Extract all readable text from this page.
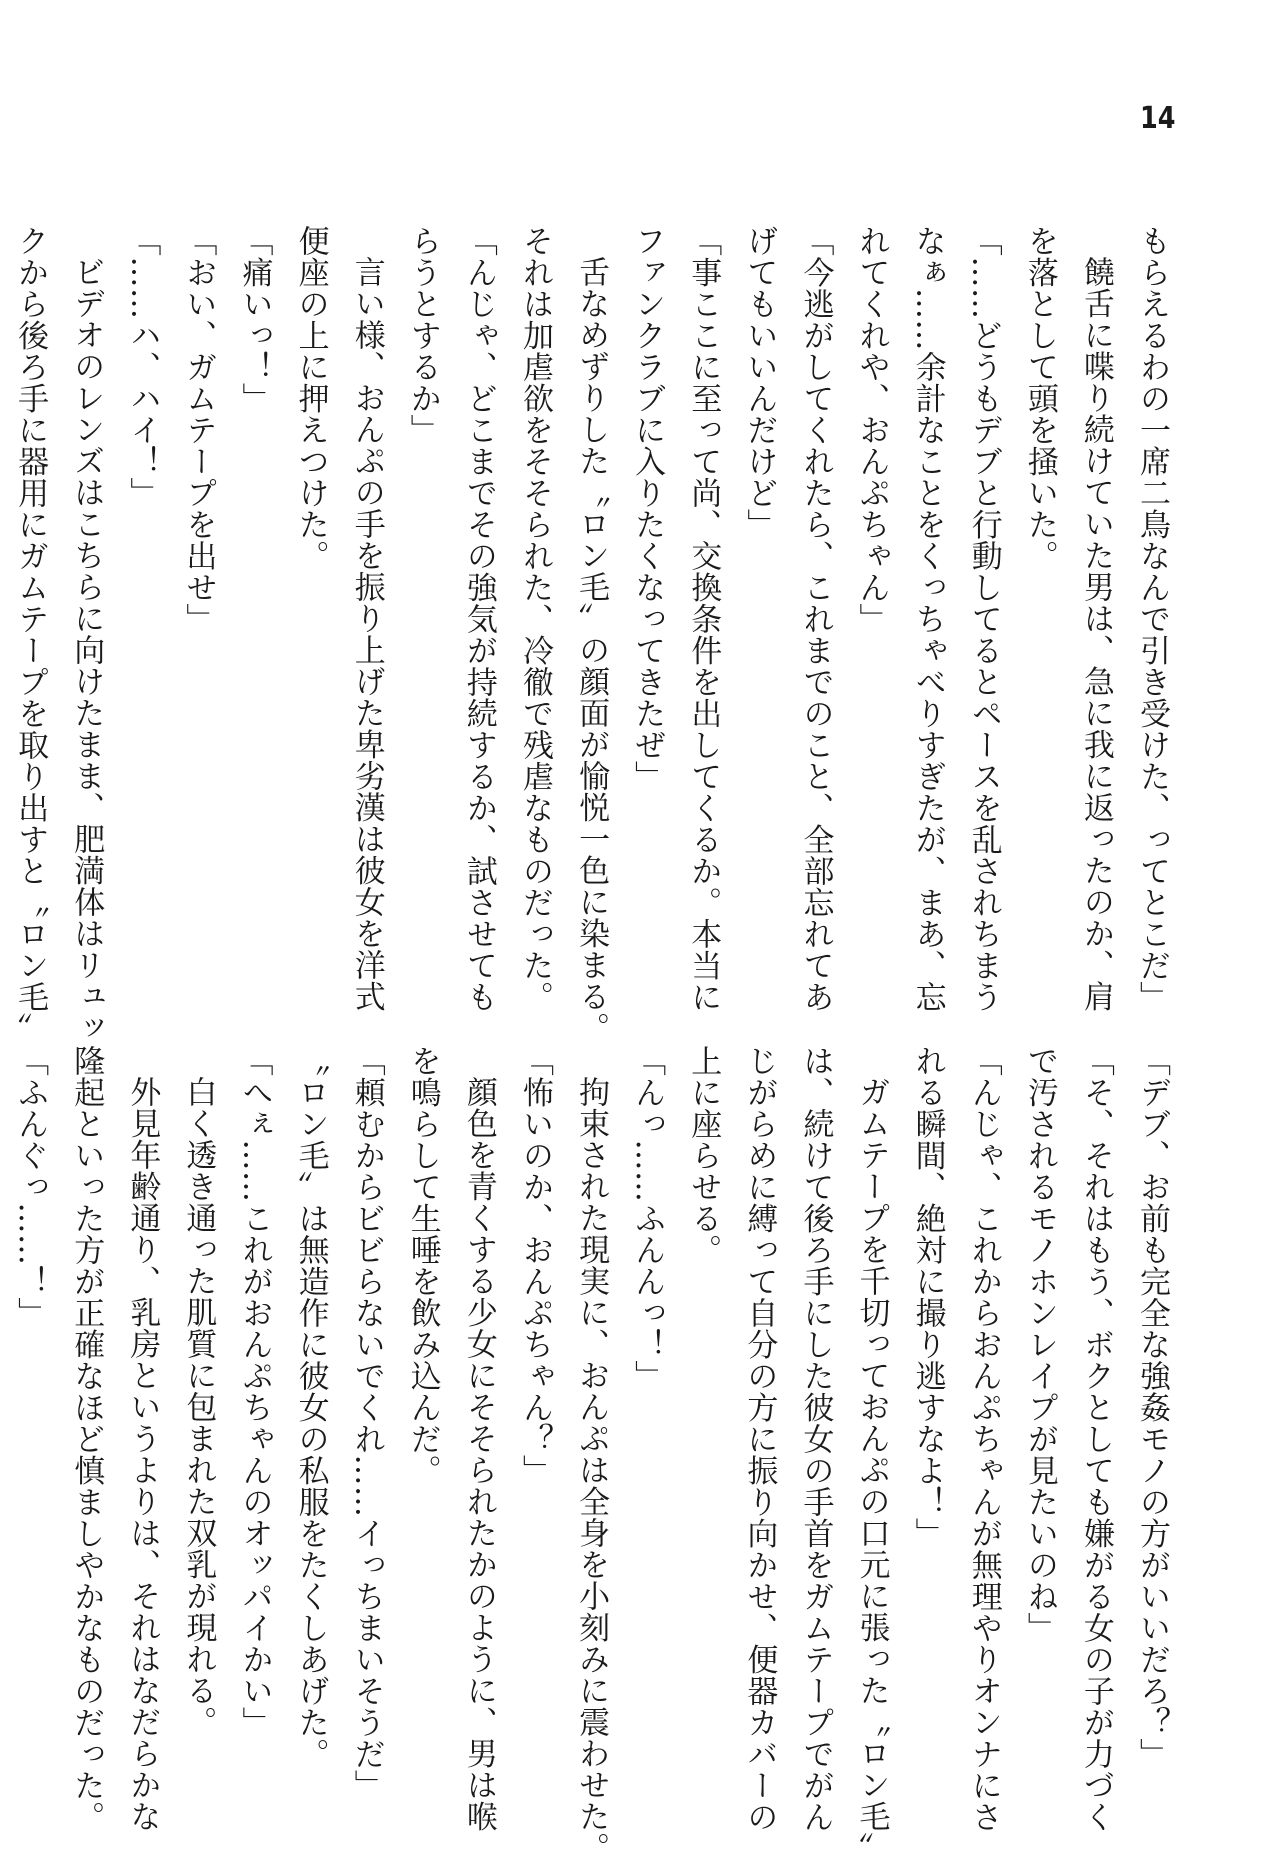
14
もらえるわの一席二鳥なんで引き受けた、ってとこだ」
饒舌に喋り続けていた男は、急に我に返ったのか、肩
を落として頭を掻いた。
「……どうもデブと行動してるとペースを乱されちまう
なぁ……余計なことをくっちゃべりすぎたが、まあ、忘
れてくれや、おんぷちゃん」
「今逃がしてくれたら、これまでのこと、全部忘れてあ
げてもいいんだけど」
「事ここに至って尚、交換条件を出してくるか。本当に
ファンクラブに入りたくなってきたぜ」
舌なめずりした〝ロン毛〟の顔面が愉悦一色に染まる。
それは加虐欲をそそられた、冷徹で残虐なものだった。
「んじゃ、どこまでその強気が持続するか、試させても
らうとするか」
言い様、おんぷの手を振り上げた卑劣漢は彼女を洋式
便座の上に押えつけた。
「痛いっ！」
「おい、ガムテープを出せ」
「……ハ、ハイ！」
ビデオのレンズはこちらに向けたまま、肥満体はリュッ
クから後ろ手に器用にガムテープを取り出すと〝ロン毛〟
「デブ、お前も完全な強姦モノの方がいいだろ？」
「そ、それはもう、ボクとしても嫌がる女の子が力づく
で汚されるモノホンレイプが見たいのね」
「んじゃ、これからおんぷちゃんが無理やりオンナにさ
れる瞬間、絶対に撮り逃すなよ！」
ガムテープを千切っておんぷの口元に張った〝ロン毛〟
は、続けて後ろ手にした彼女の手首をガムテープでがん
じがらめに縛って自分の方に振り向かせ、便器カバーの
上に座らせる。
「んっ……ふんんっ！」
拘束された現実に、おんぷは全身を小刻みに震わせた。
「怖いのか、おんぷちゃん？」
顔色を青くする少女にそそられたかのように、男は喉
を鳴らして生唾を飲み込んだ。
「頼むからビビらないでくれ……イっちまいそうだ」
〝ロン毛〟は無造作に彼女の私服をたくしあげた。
「へぇ……これがおんぷちゃんのオッパイかい」
白く透き通った肌質に包まれた双乳が現れる。
外見年齢通り、乳房というよりは、それはなだらかな
隆起といった方が正確なほど慎ましやかなものだった。
「ふんぐっ……！」
